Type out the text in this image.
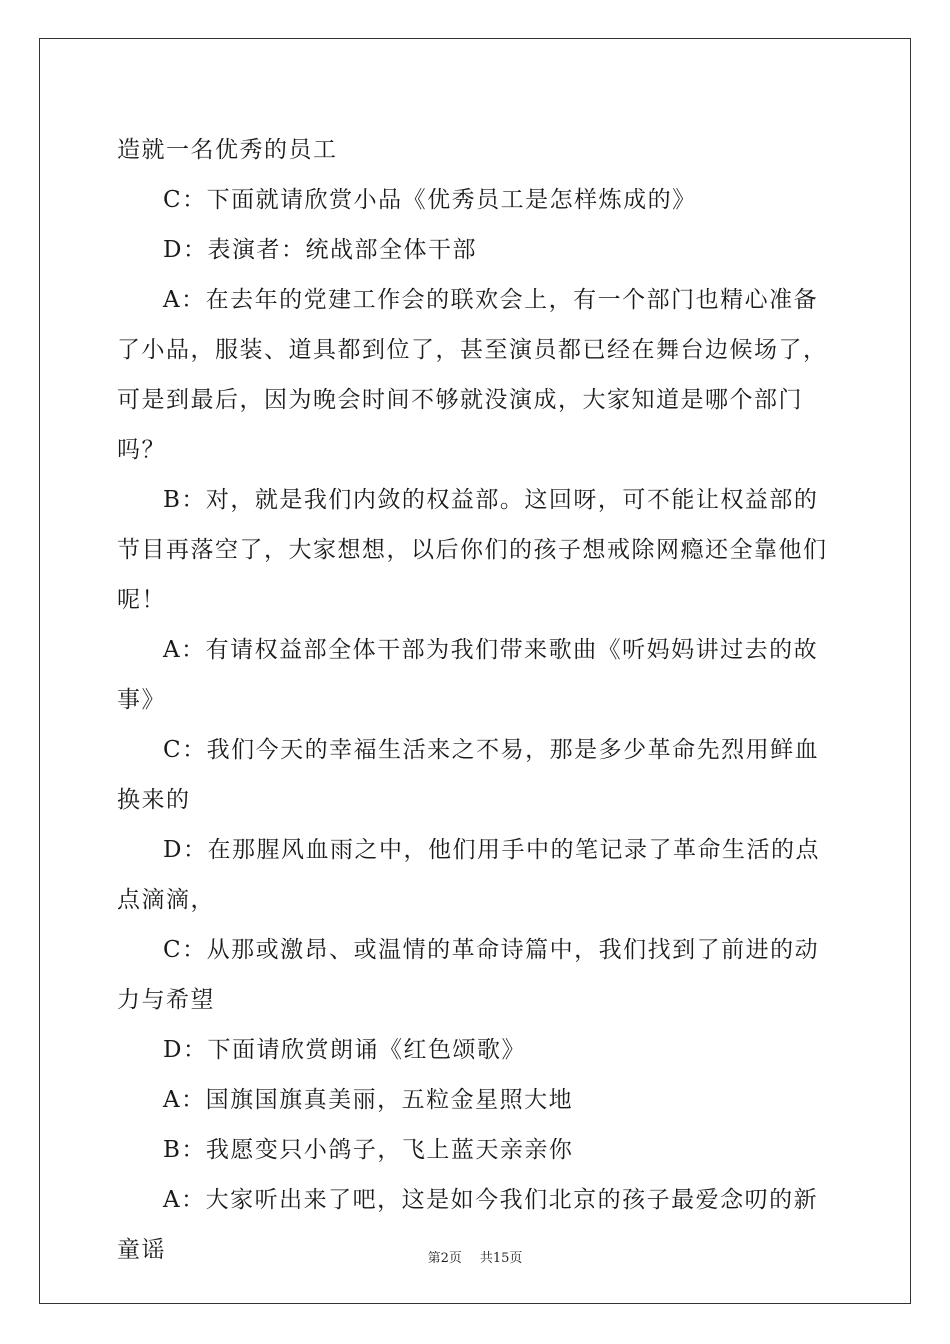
造就一名优秀的员工

C：下面就请欣赏小品《优秀员工是怎样炼成的》

D：表演者：统战部全体干部

A：在去年的党建工作会的联欢会上，有一个部门也精心准备了小品，服装、道具都到位了，甚至演员都已经在舞台边候场了，可是到最后，因为晚会时间不够就没演成，大家知道是哪个部门吗？

B：对，就是我们内敛的权益部。这回呀，可不能让权益部的节目再落空了，大家想想，以后你们的孩子想戒除网瘾还全靠他们呢！

A：有请权益部全体干部为我们带来歌曲《听妈妈讲过去的故事》

C：我们今天的幸福生活来之不易，那是多少革命先烈用鲜血换来的

D：在那腥风血雨之中，他们用手中的笔记录了革命生活的点点滴滴，

C：从那或激昂、或温情的革命诗篇中，我们找到了前进的动力与希望

D：下面请欣赏朗诵《红色颂歌》

A：国旗国旗真美丽，五粒金星照大地

B：我愿变只小鸽子，飞上蓝天亲亲你

A：大家听出来了吧，这是如今我们北京的孩子最爱念叨的新童谣	第2页 共15页
